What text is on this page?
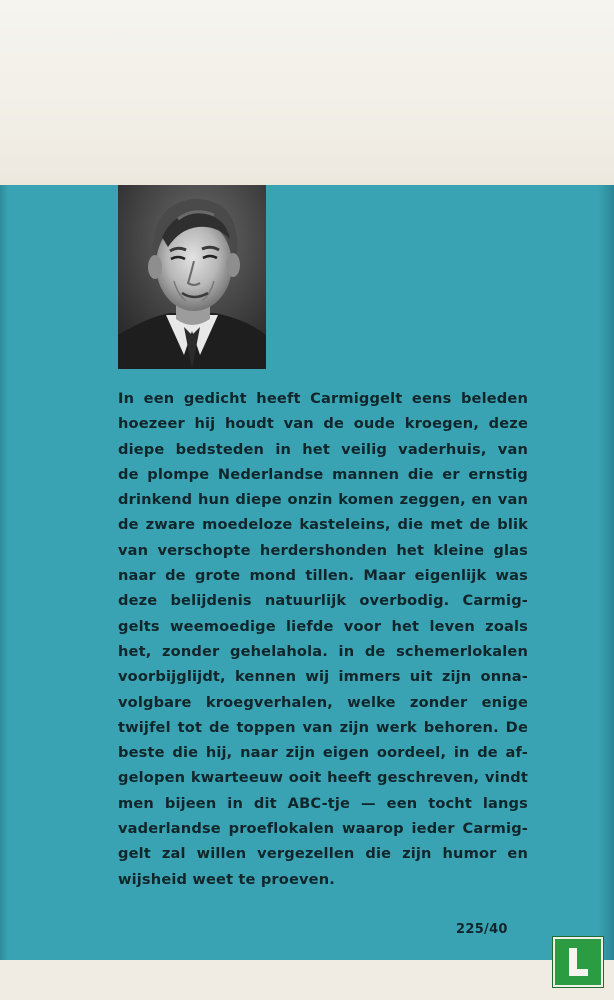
In een gedicht heeft Carmiggelt eens beleden
hoezeer hij houdt van de oude kroegen, deze
diepe bedsteden in het veilig vaderhuis, van
de plompe Nederlandse mannen die er ernstig
drinkend hun diepe onzin komen zeggen, en van
de zware moedeloze kasteleins, die met de blik
van verschopte herdershonden het kleine glas
naar de grote mond tillen. Maar eigenlijk was
deze belijdenis natuurlijk overbodig. Carmig-
gelts weemoedige liefde voor het leven zoals
het, zonder gehelahola. in de schemerlokalen
voorbijglijdt, kennen wij immers uit zijn onna-
volgbare kroegverhalen, welke zonder enige
twijfel tot de toppen van zijn werk behoren. De
beste die hij, naar zijn eigen oordeel, in de af-
gelopen kwarteeuw ooit heeft geschreven, vindt
men bijeen in dit ABC-tje — een tocht langs
vaderlandse proeflokalen waarop ieder Carmig-
gelt zal willen vergezellen die zijn humor en
wijsheid weet te proeven.
225/40
